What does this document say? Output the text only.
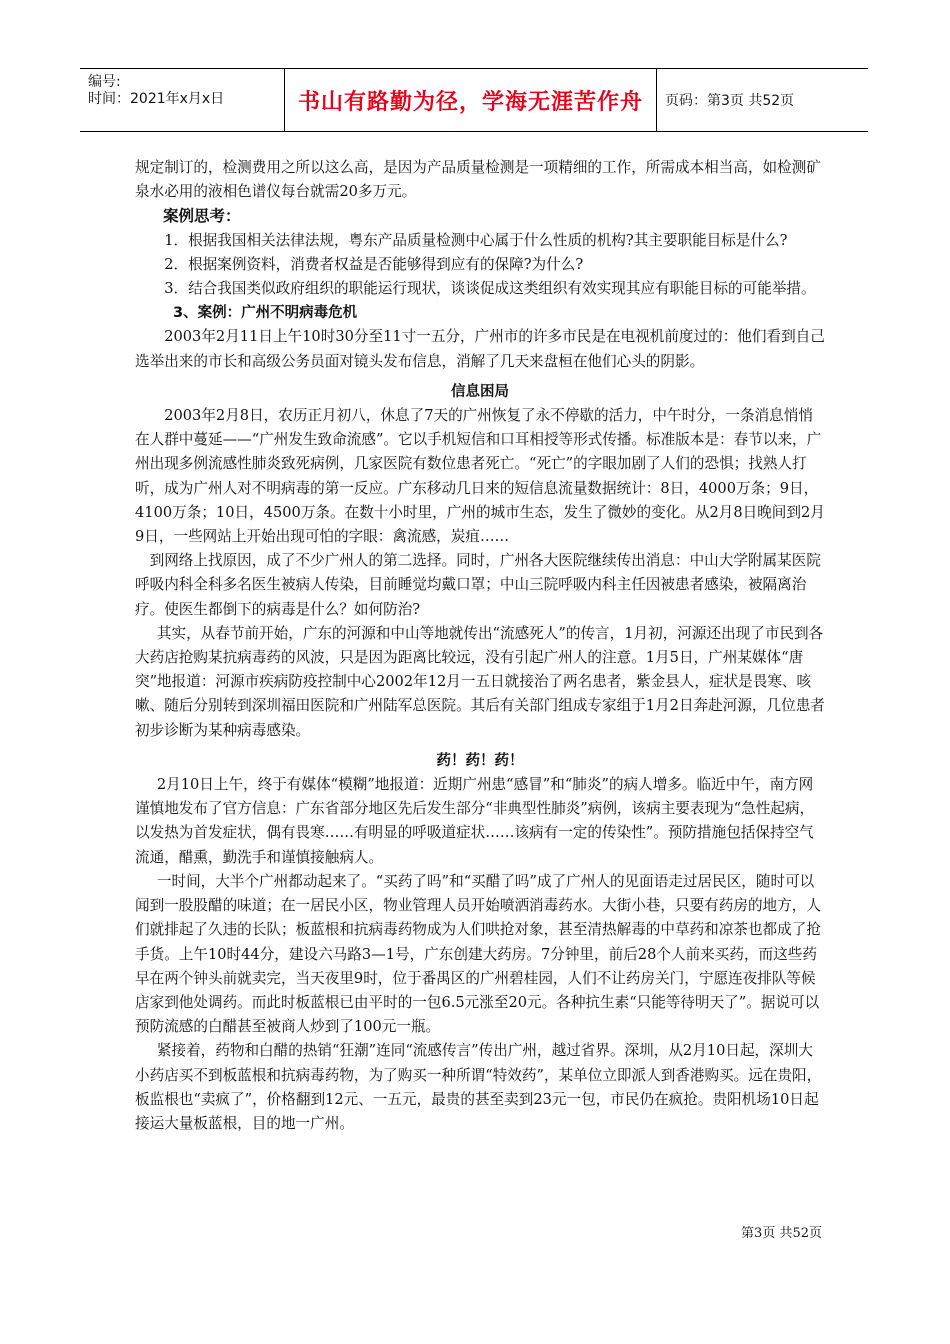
编号:
时间：2021年x月x日	书山有路勤为径，学海无涯苦作舟 页码：第3页 共52页

规定制订的，检测费用之所以这么高，是因为产品质量检测是一项精细的工作，所需成本相当高，如检测矿泉水必用的液相色谱仪每台就需20多万元。

案例思考：

1．根据我国相关法律法规，粤东产品质量检测中心属于什么性质的机构?其主要职能目标是什么?

2．根据案例资料，消费者权益是否能够得到应有的保障?为什么?

3．结合我国类似政府组织的职能运行现状，谈谈促成这类组织有效实现其应有职能目标的可能举措。

3、案例：广州不明病毒危机

2003年2月11日上午10时30分至11寸一五分，广州市的许多市民是在电视机前度过的：他们看到自己选举出来的市长和高级公务员面对镜头发布信息，消解了几天来盘桓在他们心头的阴影。

信息困局

2003年2月8日，农历正月初八，休息了7天的广州恢复了永不停歇的活力，中午时分，一条消息悄悄在人群中蔓延——“广州发生致命流感”。它以手机短信和口耳相授等形式传播。标准版本是：春节以来，广州出现多例流感性肺炎致死病例，几家医院有数位患者死亡。“死亡”的字眼加剧了人们的恐惧；找熟人打听，成为广州人对不明病毒的第一反应。广东移动几日来的短信息流量数据统计：8日，4000万条；9日，4100万条；10日，4500万条。在数十小时里，广州的城市生态，发生了微妙的变化。从2月8日晚间到2月9日，一些网站上开始出现可怕的字眼：禽流感，炭疽……

到网络上找原因，成了不少广州人的第二选择。同时，广州各大医院继续传出消息：中山大学附属某医院呼吸内科全科多名医生被病人传染，目前睡觉均戴口罩；中山三院呼吸内科主任因被患者感染，被隔离治疗。使医生都倒下的病毒是什么？如何防治?

其实，从春节前开始，广东的河源和中山等地就传出“流感死人”的传言，1月初，河源还出现了市民到各大药店抢购某抗病毒药的风波，只是因为距离比较远，没有引起广州人的注意。1月5日，广州某媒体“唐突”地报道：河源市疾病防疫控制中心2002年12月一五日就接治了两名患者，紫金县人，症状是畏寒、咳嗽、随后分别转到深圳福田医院和广州陆军总医院。其后有关部门组成专家组于1月2日奔赴河源，几位患者初步诊断为某种病毒感染。

药！药！药！

2月10日上午，终于有媒体“模糊”地报道：近期广州患“感冒”和“肺炎”的病人增多。临近中午，南方网谨慎地发布了官方信息：广东省部分地区先后发生部分“非典型性肺炎”病例，该病主要表现为“急性起病，以发热为首发症状，偶有畏寒……有明显的呼吸道症状……该病有一定的传染性”。预防措施包括保持空气流通，醋熏，勤洗手和谨慎接触病人。

一时间，大半个广州都动起来了。“买药了吗”和“买醋了吗”成了广州人的见面语走过居民区，随时可以闻到一股股醋的味道；在一居民小区，物业管理人员开始喷洒消毒药水。大街小巷，只要有药房的地方，人们就排起了久违的长队；板蓝根和抗病毒药物成为人们哄抢对象，甚至清热解毒的中草药和凉茶也都成了抢手货。上午10时44分，建设六马路3—1号，广东创建大药房。7分钟里，前后28个人前来买药，而这些药早在两个钟头前就卖完，当天夜里9时，位于番禺区的广州碧桂园，人们不让药房关门，宁愿连夜排队等候店家到他处调药。而此时板蓝根已由平时的一包6.5元涨至20元。各种抗生素“只能等待明天了”。据说可以预防流感的白醋甚至被商人炒到了100元一瓶。

紧接着，药物和白醋的热销“狂潮”连同“流感传言”传出广州，越过省界。深圳，从2月10日起，深圳大小药店买不到板蓝根和抗病毒药物，为了购买一种所谓“特效药”，某单位立即派人到香港购买。远在贵阳，板监根也“卖疯了”，价格翻到12元、一五元，最贵的甚至卖到23元一包，市民仍在疯抢。贵阳机场10日起接运大量板蓝根，目的地一广州。

第3页 共52页
